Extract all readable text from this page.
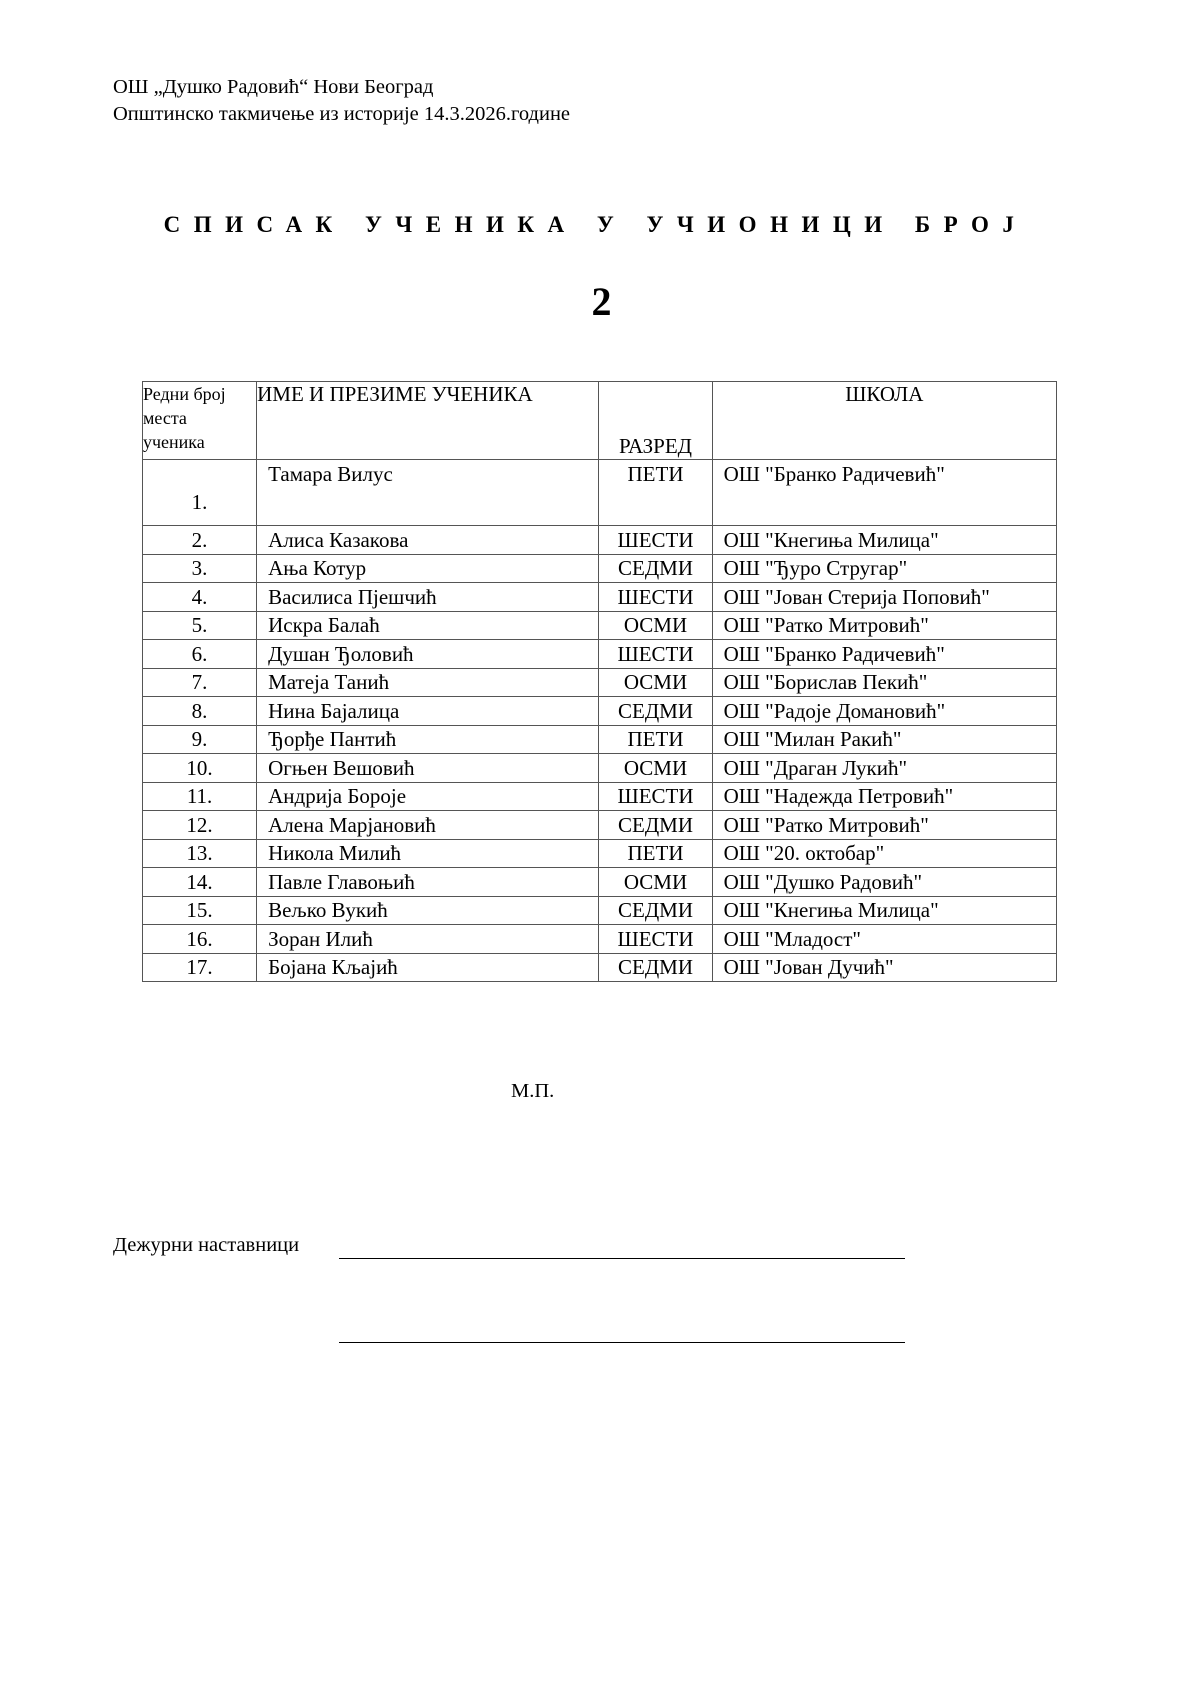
ОШ „Душко Радовић“ Нови Београд
Општинско такмичење из историје 14.3.2026.године
СПИСАК УЧЕНИКА У УЧИОНИЦИ БРОЈ
2
Редни број
места
ученика	ИМЕ И ПРЕЗИМЕ УЧЕНИКА	РАЗРЕД	ШКОЛА
1.	Тамара Вилус	ПЕТИ	ОШ "Бранко Радичевић"
2.	Алиса Казакова	ШЕСТИ	ОШ "Кнегиња Милица"
3.	Ања Котур	СЕДМИ	ОШ "Ђуро Стругар"
4.	Василиса Пјешчић	ШЕСТИ	ОШ "Јован Стерија Поповић"
5.	Искра Балаћ	ОСМИ	ОШ "Ратко Митровић"
6.	Душан Ђоловић	ШЕСТИ	ОШ "Бранко Радичевић"
7.	Матеја Танић	ОСМИ	ОШ "Борислав Пекић"
8.	Нина Бајалица	СЕДМИ	ОШ "Радоје Домановић"
9.	Ђорђе Пантић	ПЕТИ	ОШ "Милан Ракић"
10.	Огњен Вешовић	ОСМИ	ОШ "Драган Лукић"
11.	Андрија Боројe	ШЕСТИ	ОШ "Надежда Петровић"
12.	Алена Марјановић	СЕДМИ	ОШ "Ратко Митровић"
13.	Никола Милић	ПЕТИ	ОШ "20. октобар"
14.	Павле Главоњић	ОСМИ	ОШ "Душко Радовић"
15.	Вељко Вукић	СЕДМИ	ОШ "Кнегиња Милица"
16.	Зоран Илић	ШЕСТИ	ОШ "Младост"
17.	Бојана Кљајић	СЕДМИ	ОШ "Јован Дучић"
М.П.
Дежурни наставници
